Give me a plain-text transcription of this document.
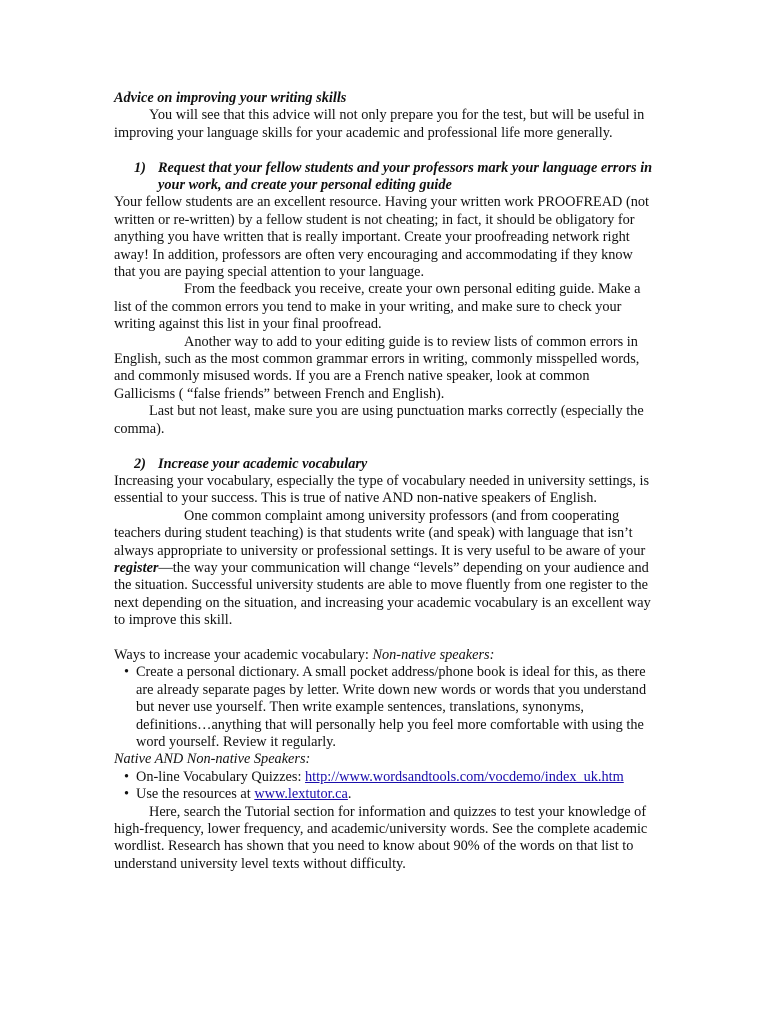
Advice on improving your writing skills

You will see that this advice will not only prepare you for the test, but will be useful in improving your language skills for your academic and professional life more generally.

1) Request that your fellow students and your professors mark your language errors in your work, and create your personal editing guide

Your fellow students are an excellent resource. Having your written work PROOFREAD (not written or re-written) by a fellow student is not cheating; in fact, it should be obligatory for anything you have written that is really important. Create your proofreading network right away! In addition, professors are often very encouraging and accommodating if they know that you are paying special attention to your language.

From the feedback you receive, create your own personal editing guide. Make a list of the common errors you tend to make in your writing, and make sure to check your writing against this list in your final proofread.

Another way to add to your editing guide is to review lists of common errors in English, such as the most common grammar errors in writing, commonly misspelled words, and commonly misused words. If you are a French native speaker, look at common Gallicisms ( “false friends” between French and English).

Last but not least, make sure you are using punctuation marks correctly (especially the comma).

2) Increase your academic vocabulary

Increasing your vocabulary, especially the type of vocabulary needed in university settings, is essential to your success. This is true of native AND non-native speakers of English.

One common complaint among university professors (and from cooperating teachers during student teaching) is that students write (and speak) with language that isn’t always appropriate to university or professional settings. It is very useful to be aware of your register—the way your communication will change “levels” depending on your audience and the situation. Successful university students are able to move fluently from one register to the next depending on the situation, and increasing your academic vocabulary is an excellent way to improve this skill.

Ways to increase your academic vocabulary: Non-native speakers:

• Create a personal dictionary. A small pocket address/phone book is ideal for this, as there are already separate pages by letter. Write down new words or words that you understand but never use yourself. Then write example sentences, translations, synonyms, definitions…anything that will personally help you feel more comfortable with using the word yourself. Review it regularly.

Native AND Non-native Speakers:

• On-line Vocabulary Quizzes: http://www.wordsandtools.com/vocdemo/index_uk.htm

• Use the resources at www.lextutor.ca.

Here, search the Tutorial section for information and quizzes to test your knowledge of high-frequency, lower frequency, and academic/university words. See the complete academic wordlist. Research has shown that you need to know about 90% of the words on that list to understand university level texts without difficulty.
